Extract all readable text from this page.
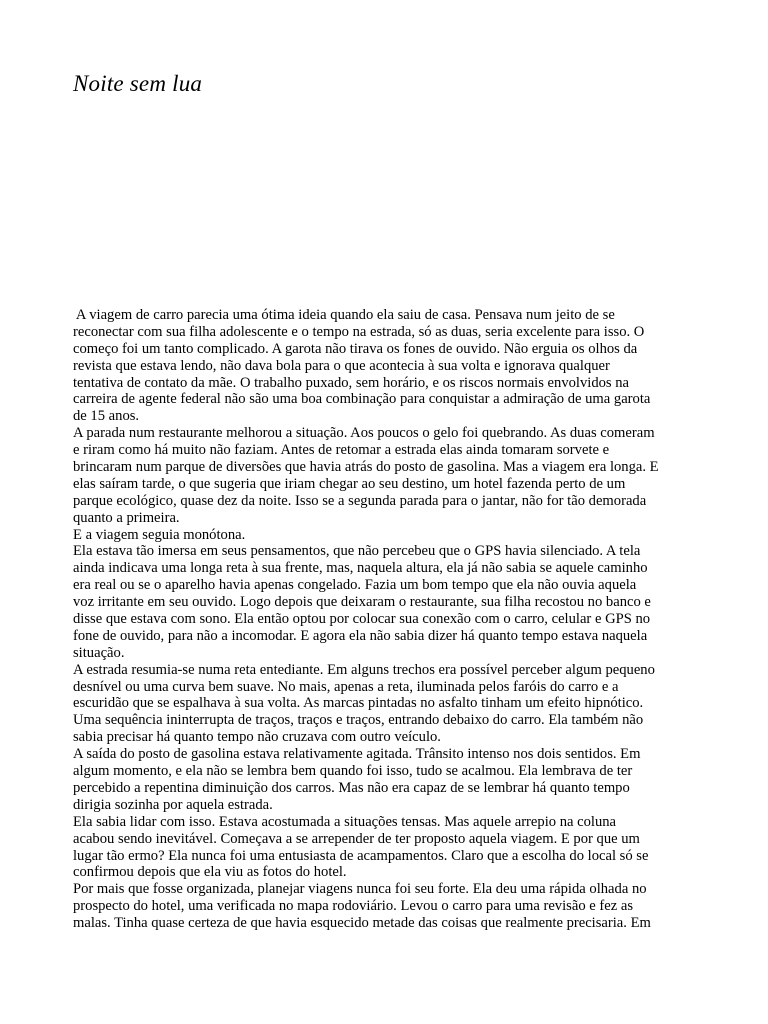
Noite sem lua
A viagem de carro parecia uma ótima ideia quando ela saiu de casa. Pensava num jeito de se
reconectar com sua filha adolescente e o tempo na estrada, só as duas, seria excelente para isso. O
começo foi um tanto complicado. A garota não tirava os fones de ouvido. Não erguia os olhos da
revista que estava lendo, não dava bola para o que acontecia à sua volta e ignorava qualquer
tentativa de contato da mãe. O trabalho puxado, sem horário, e os riscos normais envolvidos na
carreira de agente federal não são uma boa combinação para conquistar a admiração de uma garota
de 15 anos.
A parada num restaurante melhorou a situação. Aos poucos o gelo foi quebrando. As duas comeram
e riram como há muito não faziam. Antes de retomar a estrada elas ainda tomaram sorvete e
brincaram num parque de diversões que havia atrás do posto de gasolina. Mas a viagem era longa. E
elas saíram tarde, o que sugeria que iriam chegar ao seu destino, um hotel fazenda perto de um
parque ecológico, quase dez da noite. Isso se a segunda parada para o jantar, não for tão demorada
quanto a primeira.
E a viagem seguia monótona.
Ela estava tão imersa em seus pensamentos, que não percebeu que o GPS havia silenciado. A tela
ainda indicava uma longa reta à sua frente, mas, naquela altura, ela já não sabia se aquele caminho
era real ou se o aparelho havia apenas congelado. Fazia um bom tempo que ela não ouvia aquela
voz irritante em seu ouvido. Logo depois que deixaram o restaurante, sua filha recostou no banco e
disse que estava com sono. Ela então optou por colocar sua conexão com o carro, celular e GPS no
fone de ouvido, para não a incomodar. E agora ela não sabia dizer há quanto tempo estava naquela
situação.
A estrada resumia-se numa reta entediante. Em alguns trechos era possível perceber algum pequeno
desnível ou uma curva bem suave. No mais, apenas a reta, iluminada pelos faróis do carro e a
escuridão que se espalhava à sua volta. As marcas pintadas no asfalto tinham um efeito hipnótico.
Uma sequência ininterrupta de traços, traços e traços, entrando debaixo do carro. Ela também não
sabia precisar há quanto tempo não cruzava com outro veículo.
A saída do posto de gasolina estava relativamente agitada. Trânsito intenso nos dois sentidos. Em
algum momento, e ela não se lembra bem quando foi isso, tudo se acalmou. Ela lembrava de ter
percebido a repentina diminuição dos carros. Mas não era capaz de se lembrar há quanto tempo
dirigia sozinha por aquela estrada.
Ela sabia lidar com isso. Estava acostumada a situações tensas. Mas aquele arrepio na coluna
acabou sendo inevitável. Começava a se arrepender de ter proposto aquela viagem. E por que um
lugar tão ermo? Ela nunca foi uma entusiasta de acampamentos. Claro que a escolha do local só se
confirmou depois que ela viu as fotos do hotel.
Por mais que fosse organizada, planejar viagens nunca foi seu forte. Ela deu uma rápida olhada no
prospecto do hotel, uma verificada no mapa rodoviário. Levou o carro para uma revisão e fez as
malas. Tinha quase certeza de que havia esquecido metade das coisas que realmente precisaria. Em
